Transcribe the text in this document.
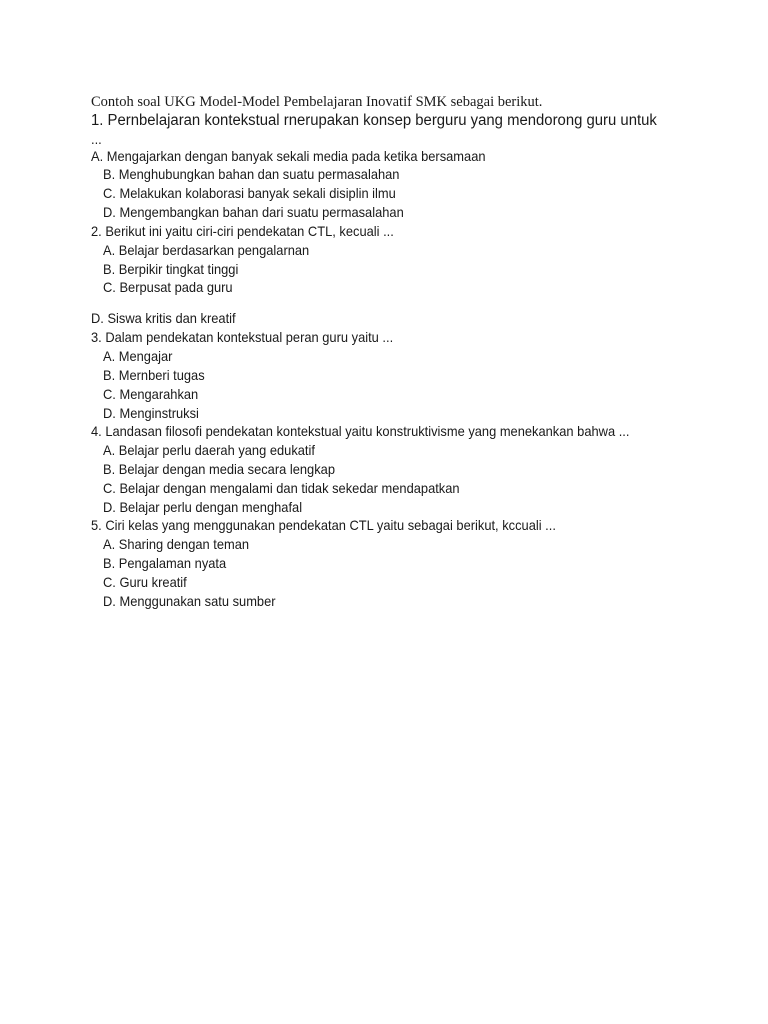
Contoh soal UKG Model-Model Pembelajaran Inovatif SMK sebagai berikut.
1. Pernbelajaran kontekstual rnerupakan konsep berguru yang mendorong guru untuk
...
A. Mengajarkan dengan banyak sekali media pada ketika bersamaan
B. Menghubungkan bahan dan suatu permasalahan
C. Melakukan kolaborasi banyak sekali disiplin ilmu
D. Mengembangkan bahan dari suatu permasalahan
2. Berikut ini yaitu ciri-ciri pendekatan CTL, kecuali ...
A. Belajar berdasarkan pengalarnan
B. Berpikir tingkat tinggi
C. Berpusat pada guru
D. Siswa kritis dan kreatif
3. Dalam pendekatan kontekstual peran guru yaitu ...
A. Mengajar
B. Mernberi tugas
C. Mengarahkan
D. Menginstruksi
4. Landasan filosofi pendekatan kontekstual yaitu konstruktivisme yang menekankan bahwa ...
A. Belajar perlu daerah yang edukatif
B. Belajar dengan media secara lengkap
C. Belajar dengan mengalami dan tidak sekedar mendapatkan
D. Belajar perlu dengan menghafal
5. Ciri kelas yang menggunakan pendekatan CTL yaitu sebagai berikut, kccuali ...
A. Sharing dengan teman
B. Pengalaman nyata
C. Guru kreatif
D. Menggunakan satu sumber
